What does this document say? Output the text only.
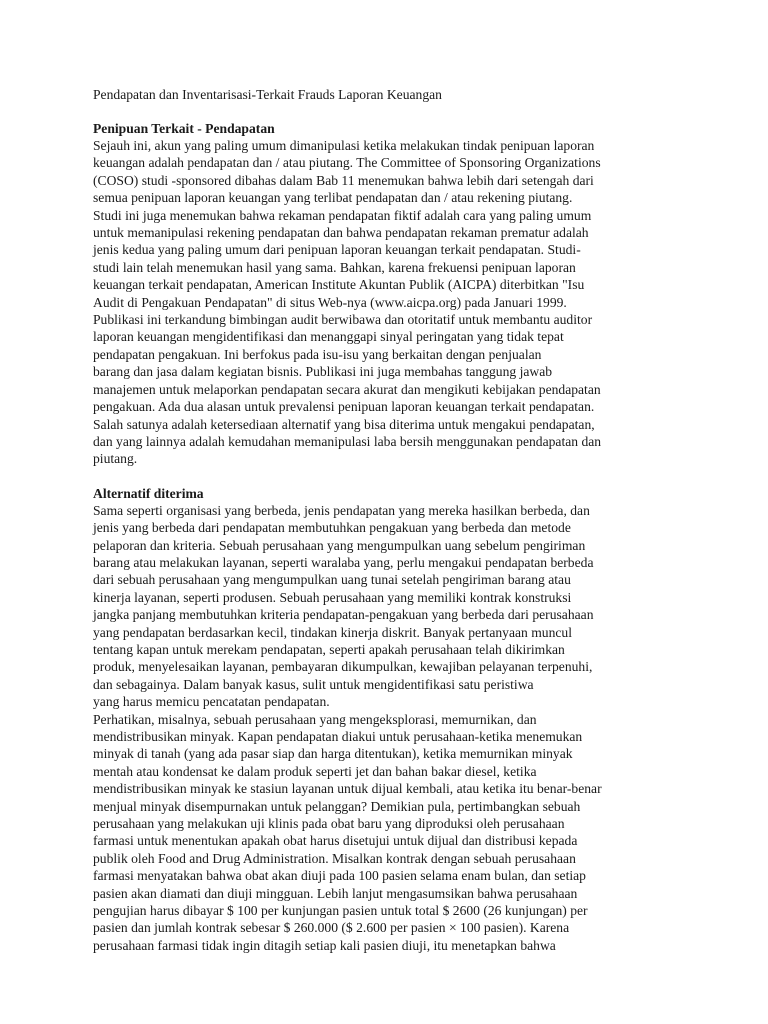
Pendapatan dan Inventarisasi-Terkait Frauds Laporan Keuangan

Penipuan Terkait - Pendapatan

Sejauh ini, akun yang paling umum dimanipulasi ketika melakukan tindak penipuan laporan

keuangan adalah pendapatan dan / atau piutang. The Committee of Sponsoring Organizations

(COSO) studi -sponsored dibahas dalam Bab 11 menemukan bahwa lebih dari setengah dari

semua penipuan laporan keuangan yang terlibat pendapatan dan / atau rekening piutang.

Studi ini juga menemukan bahwa rekaman pendapatan fiktif adalah cara yang paling umum

untuk memanipulasi rekening pendapatan dan bahwa pendapatan rekaman prematur adalah

jenis kedua yang paling umum dari penipuan laporan keuangan terkait pendapatan. Studi-

studi lain telah menemukan hasil yang sama. Bahkan, karena frekuensi penipuan laporan

keuangan terkait pendapatan, American Institute Akuntan Publik (AICPA) diterbitkan "Isu

Audit di Pengakuan Pendapatan" di situs Web-nya (www.aicpa.org) pada Januari 1999.

Publikasi ini terkandung bimbingan audit berwibawa dan otoritatif untuk membantu auditor

laporan keuangan mengidentifikasi dan menanggapi sinyal peringatan yang tidak tepat

pendapatan pengakuan. Ini berfokus pada isu-isu yang berkaitan dengan penjualan

barang dan jasa dalam kegiatan bisnis. Publikasi ini juga membahas tanggung jawab

manajemen untuk melaporkan pendapatan secara akurat dan mengikuti kebijakan pendapatan

pengakuan. Ada dua alasan untuk prevalensi penipuan laporan keuangan terkait pendapatan.

Salah satunya adalah ketersediaan alternatif yang bisa diterima untuk mengakui pendapatan,

dan yang lainnya adalah kemudahan memanipulasi laba bersih menggunakan pendapatan dan

piutang.

Alternatif diterima

Sama seperti organisasi yang berbeda, jenis pendapatan yang mereka hasilkan berbeda, dan

jenis yang berbeda dari pendapatan membutuhkan pengakuan yang berbeda dan metode

pelaporan dan kriteria. Sebuah perusahaan yang mengumpulkan uang sebelum pengiriman

barang atau melakukan layanan, seperti waralaba yang, perlu mengakui pendapatan berbeda

dari sebuah perusahaan yang mengumpulkan uang tunai setelah pengiriman barang atau

kinerja layanan, seperti produsen. Sebuah perusahaan yang memiliki kontrak konstruksi

jangka panjang membutuhkan kriteria pendapatan-pengakuan yang berbeda dari perusahaan

yang pendapatan berdasarkan kecil, tindakan kinerja diskrit. Banyak pertanyaan muncul

tentang kapan untuk merekam pendapatan, seperti apakah perusahaan telah dikirimkan

produk, menyelesaikan layanan, pembayaran dikumpulkan, kewajiban pelayanan terpenuhi,

dan sebagainya. Dalam banyak kasus, sulit untuk mengidentifikasi satu peristiwa

yang harus memicu pencatatan pendapatan.

Perhatikan, misalnya, sebuah perusahaan yang mengeksplorasi, memurnikan, dan

mendistribusikan minyak. Kapan pendapatan diakui untuk perusahaan-ketika menemukan

minyak di tanah (yang ada pasar siap dan harga ditentukan), ketika memurnikan minyak

mentah atau kondensat ke dalam produk seperti jet dan bahan bakar diesel, ketika

mendistribusikan minyak ke stasiun layanan untuk dijual kembali, atau ketika itu benar-benar

menjual minyak disempurnakan untuk pelanggan? Demikian pula, pertimbangkan sebuah

perusahaan yang melakukan uji klinis pada obat baru yang diproduksi oleh perusahaan

farmasi untuk menentukan apakah obat harus disetujui untuk dijual dan distribusi kepada

publik oleh Food and Drug Administration. Misalkan kontrak dengan sebuah perusahaan

farmasi menyatakan bahwa obat akan diuji pada 100 pasien selama enam bulan, dan setiap

pasien akan diamati dan diuji mingguan. Lebih lanjut mengasumsikan bahwa perusahaan

pengujian harus dibayar $ 100 per kunjungan pasien untuk total $ 2600 (26 kunjungan) per

pasien dan jumlah kontrak sebesar $ 260.000 ($ 2.600 per pasien × 100 pasien). Karena

perusahaan farmasi tidak ingin ditagih setiap kali pasien diuji, itu menetapkan bahwa
